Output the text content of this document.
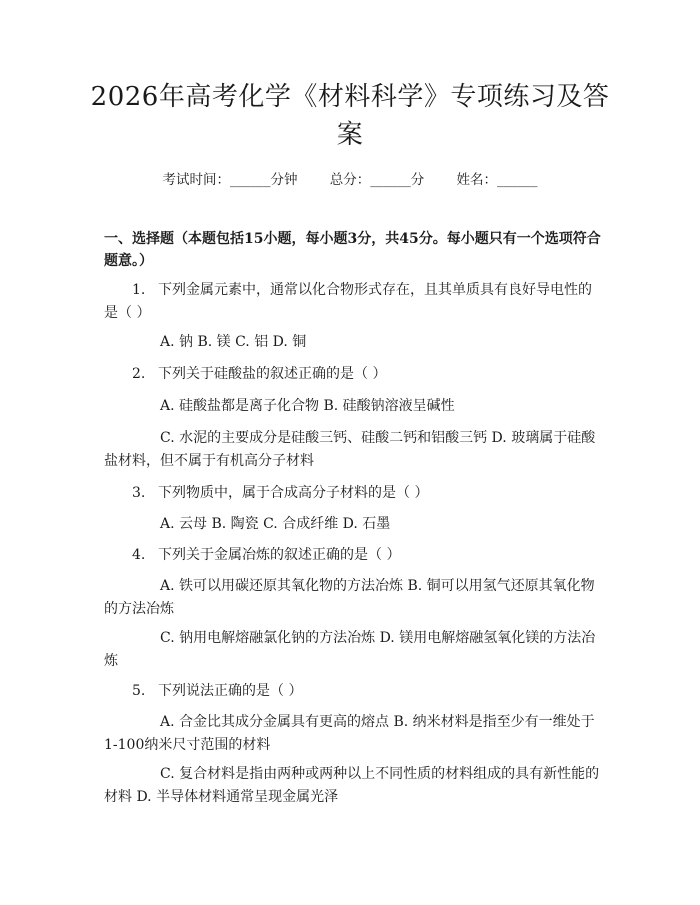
2026年高考化学《材料科学》专项练习及答案
考试时间：______分钟 总分：______分 姓名：______
一、选择题（本题包括15小题，每小题3分，共45分。每小题只有一个选项符合题意。）
1. 下列金属元素中，通常以化合物形式存在，且其单质具有良好导电性的是（ ）
A. 钠 B. 镁 C. 铝 D. 铜
2. 下列关于硅酸盐的叙述正确的是（ ）
A. 硅酸盐都是离子化合物 B. 硅酸钠溶液呈碱性
C. 水泥的主要成分是硅酸三钙、硅酸二钙和铝酸三钙 D. 玻璃属于硅酸盐材料，但不属于有机高分子材料
3. 下列物质中，属于合成高分子材料的是（ ）
A. 云母 B. 陶瓷 C. 合成纤维 D. 石墨
4. 下列关于金属冶炼的叙述正确的是（ ）
A. 铁可以用碳还原其氧化物的方法冶炼 B. 铜可以用氢气还原其氧化物的方法冶炼
C. 钠用电解熔融氯化钠的方法冶炼 D. 镁用电解熔融氢氧化镁的方法冶炼
5. 下列说法正确的是（ ）
A. 合金比其成分金属具有更高的熔点 B. 纳米材料是指至少有一维处于1-100纳米尺寸范围的材料
C. 复合材料是指由两种或两种以上不同性质的材料组成的具有新性能的材料 D. 半导体材料通常呈现金属光泽
